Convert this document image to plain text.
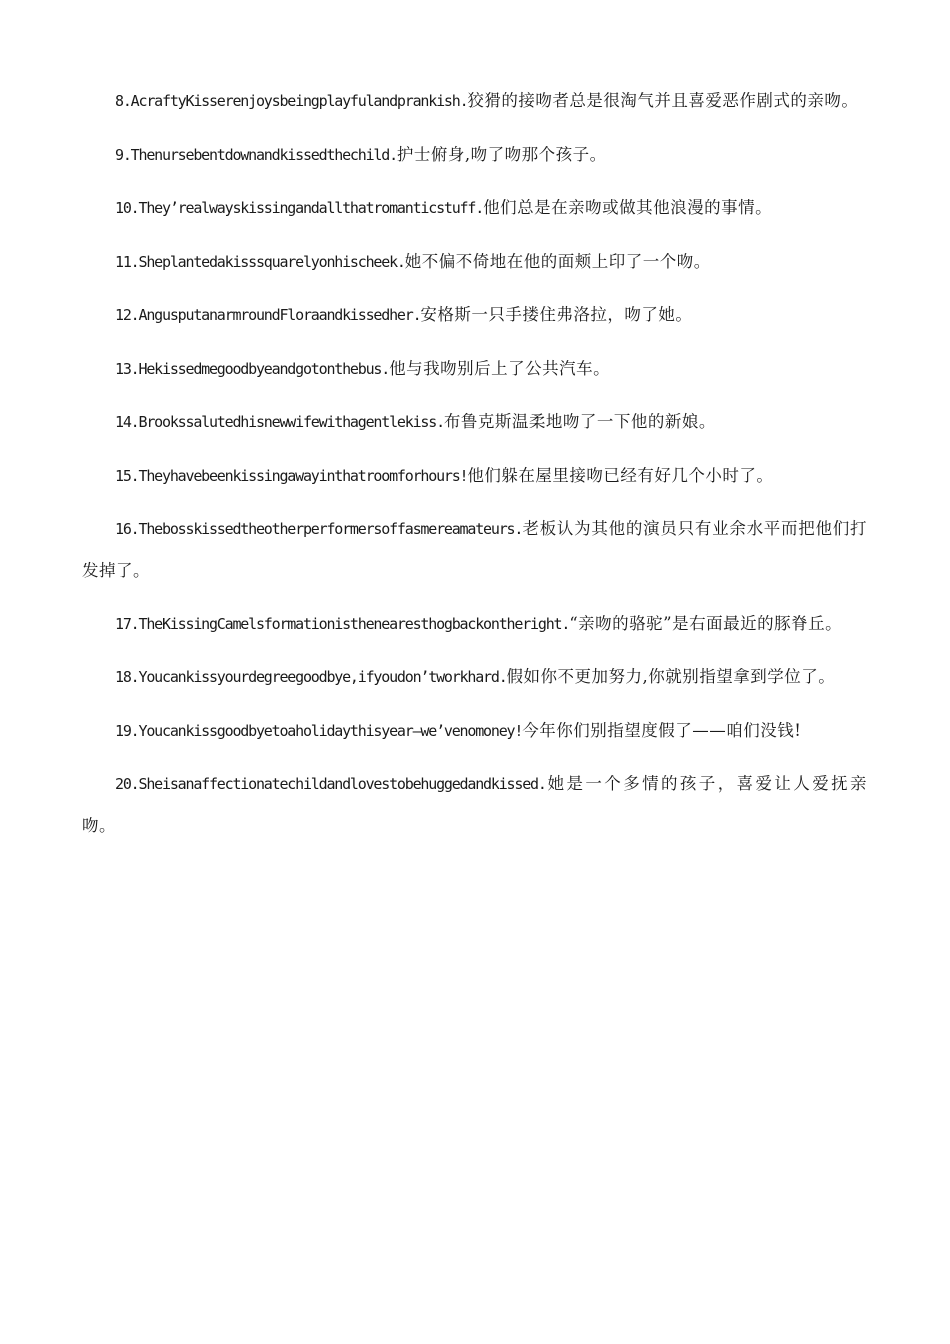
8.AcraftyKisserenjoysbeingplayfulandprankish.狡猾的接吻者总是很淘气并且喜爱恶作剧式的亲吻。

9.Thenursebentdownandkissedthechild.护士俯身,吻了吻那个孩子。

10.They’realwayskissingandallthatromanticstuff.他们总是在亲吻或做其他浪漫的事情。

11.Sheplantedakisssquarelyonhischeek.她不偏不倚地在他的面颊上印了一个吻。

12.AngusputanarmroundFloraandkissedher.安格斯一只手搂住弗洛拉，吻了她。

13.Hekissedmegoodbyeandgotonthebus.他与我吻别后上了公共汽车。

14.Brookssalutedhisnewwifewithagentlekiss.布鲁克斯温柔地吻了一下他的新娘。

15.Theyhavebeenkissingawayinthatroomforhours!他们躲在屋里接吻已经有好几个小时了。

16.Thebosskissedtheotherperformersoffasmereamateurs.老板认为其他的演员只有业余水平而把他们打发掉了。

17.TheKissingCamelsformationisthenearesthogbackontheright.“亲吻的骆驼”是右面最近的豚脊丘。

18.Youcankissyourdegreegoodbye,ifyoudon’tworkhard.假如你不更加努力,你就别指望拿到学位了。

19.Youcankissgoodbyetoaholidaythisyear—we’venomoney!今年你们别指望度假了——咱们没钱!

20.Sheisanaffectionatechildandlovestobehuggedandkissed.她是一个多情的孩子，喜爱让人爱抚亲吻。
